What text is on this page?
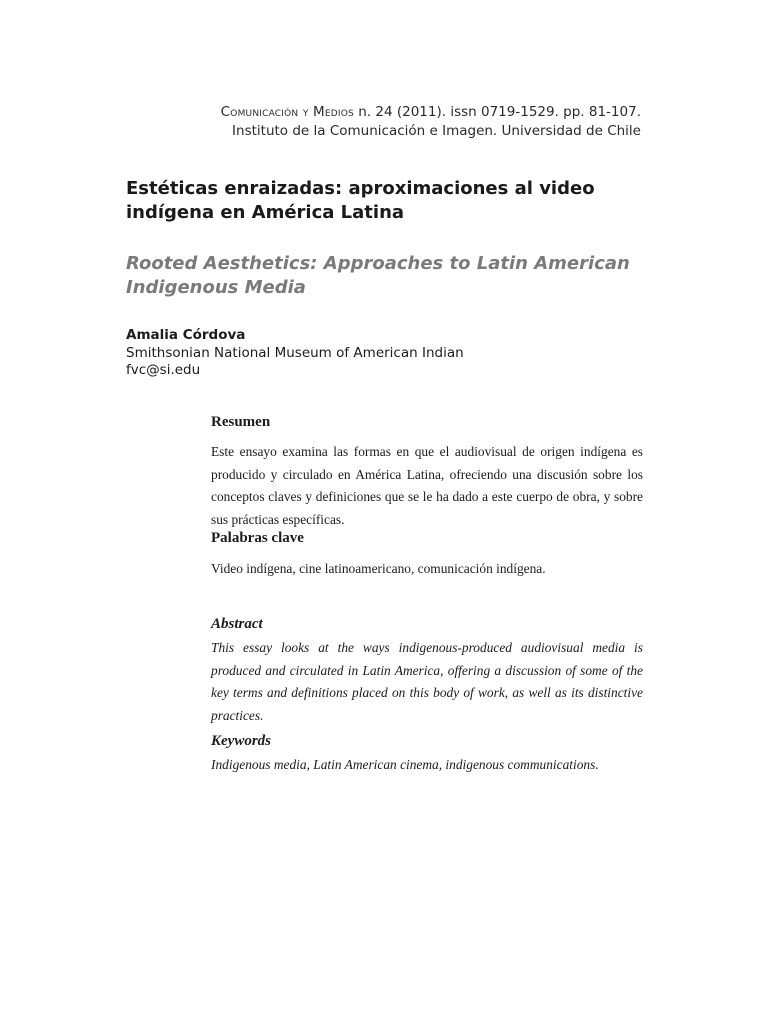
Comunicación y Medios n. 24 (2011). issn 0719-1529. pp. 81-107.
Instituto de la Comunicación e Imagen. Universidad de Chile
Estéticas enraizadas: aproximaciones al video indígena en América Latina
Rooted Aesthetics: Approaches to Latin American Indigenous Media
Amalia Córdova
Smithsonian National Museum of American Indian
fvc@si.edu
Resumen

Este ensayo examina las formas en que el audiovisual de origen indígena es producido y circulado en América Latina, ofreciendo una discusión sobre los conceptos claves y definiciones que se le ha dado a este cuerpo de obra, y sobre sus prácticas específicas.

Palabras clave

Video indígena, cine latinoamericano, comunicación indígena.

Abstract

This essay looks at the ways indigenous-produced audiovisual media is produced and circulated in Latin America, offering a discussion of some of the key terms and definitions placed on this body of work, as well as its distinctive practices.

Keywords

Indigenous media, Latin American cinema, indigenous communications.
